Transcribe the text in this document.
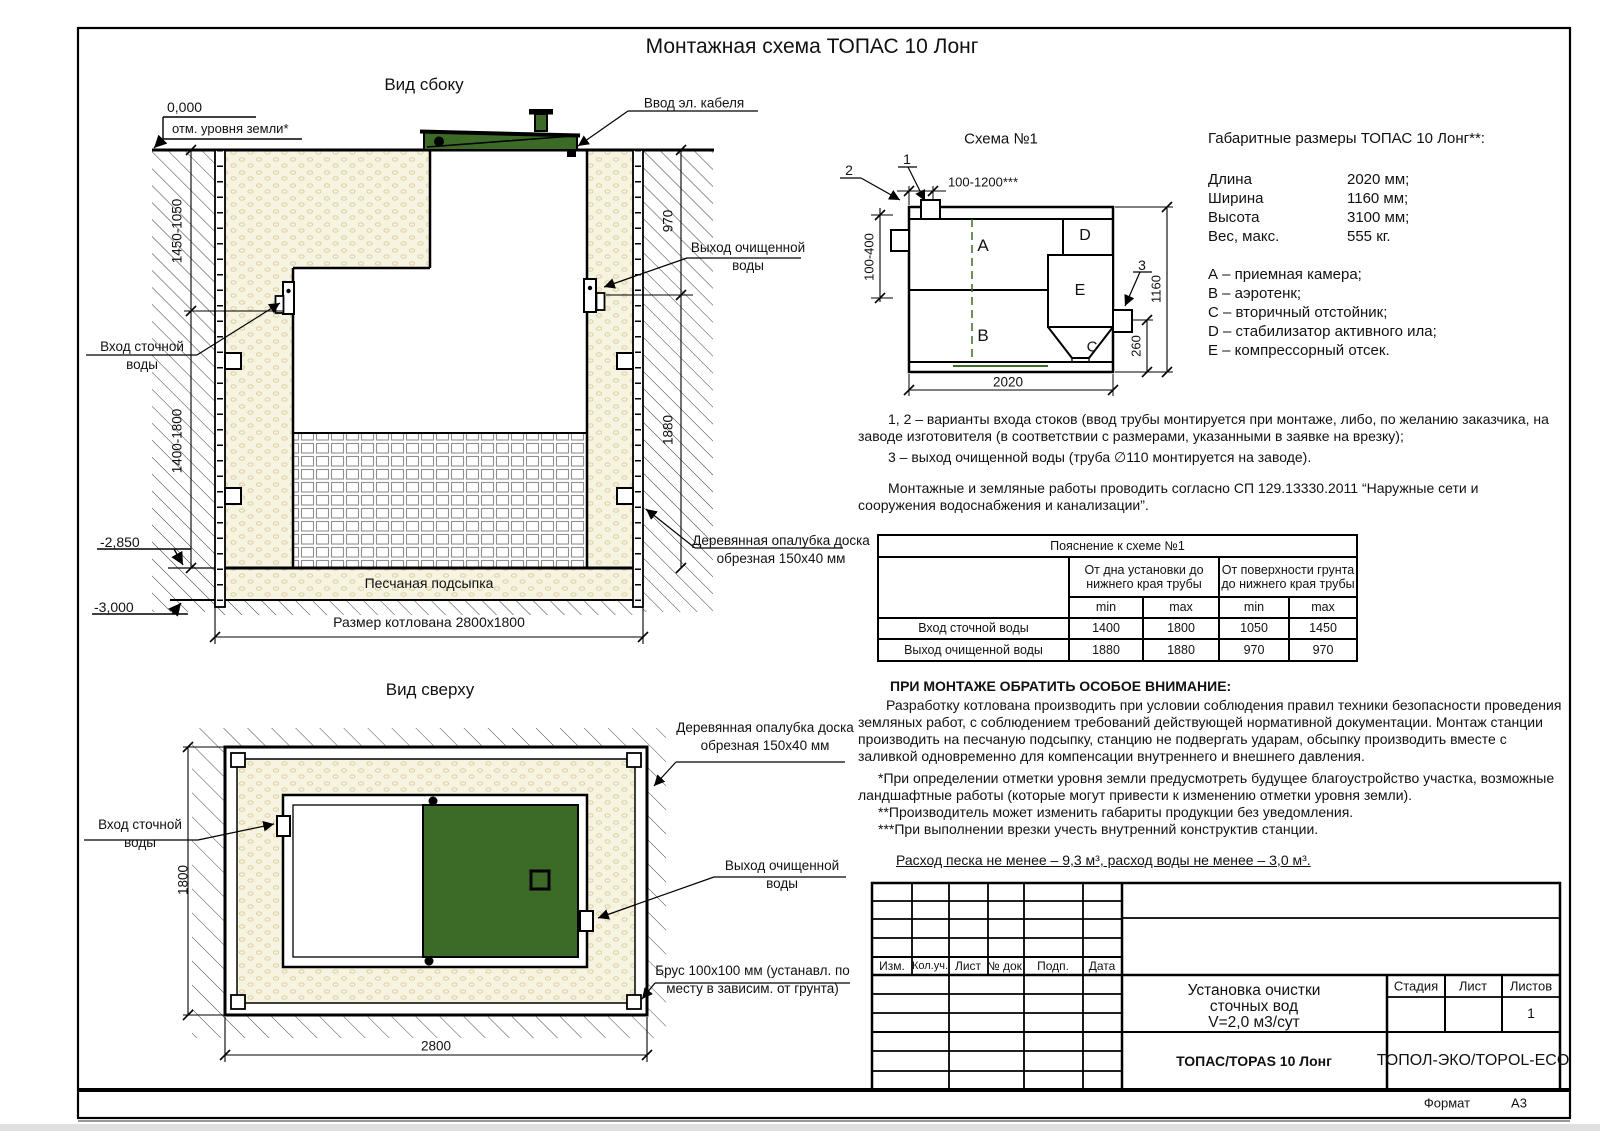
Монтажная схема ТОПАС 10 Лонг
Вид сбоку
0,000
отм. уровня земли*
Ввод эл. кабеля
Выход очищенной воды
Вход сточной воды
Деревянная опалубка доска обрезная 150х40 мм
Песчаная подсыпка
Размер котлована 2800х1800
-2,850
-3,000
1450-1050
1400-1800
970
1880
Вид сверху
Вход сточной воды
Деревянная опалубка доска обрезная 150х40 мм
Выход очищенной воды
Брус 100х100 мм (устанавл. по месту в зависим. от грунта)
1800
2800
Схема №1
1
2
3
100-1200***
100-400
1160
260
2020
A
B
C
D
E
Габаритные размеры ТОПАС 10 Лонг**:
Длина	2020 мм;
Ширина	1160 мм;
Высота	3100 мм;
Вес, макс.	555 кг.
А – приемная камера;
В – аэротенк;
С – вторичный отстойник;
D – стабилизатор активного ила;
Е – компрессорный отсек.
1, 2 – варианты входа стоков (ввод трубы монтируется при монтаже, либо, по желанию заказчика, на заводе изготовителя (в соответствии с размерами, указанными в заявке на врезку);
3 – выход очищенной воды (труба ∅110 монтируется на заводе).
Монтажные и земляные работы проводить согласно СП 129.13330.2011 “Наружные сети и сооружения водоснабжения и канализации”.
Пояснение к схеме №1				
	От дна установки до нижнего края трубы		От поверхности грунта до нижнего края трубы	
	min	max	min	max
Вход сточной воды	1400	1800	1050	1450
Выход очищенной воды	1880	1880	970	970
ПРИ МОНТАЖЕ ОБРАТИТЬ ОСОБОЕ ВНИМАНИЕ:
Разработку котлована производить при условии соблюдения правил техники безопасности проведения земляных работ, с соблюдением требований действующей нормативной документации. Монтаж станции производить на песчаную подсыпку, станцию не подвергать ударам, обсыпку производить вместе с заливкой одновременно для компенсации внутреннего и внешнего давления.
*При определении отметки уровня земли предусмотреть будущее благоустройство участка, возможные ландшафтные работы (которые могут привести к изменению отметки уровня земли).
**Производитель может изменить габариты продукции без уведомления.
***При выполнении врезки учесть внутренний конструктив станции.
Расход песка не менее – 9,3 м³, расход воды не менее – 3,0 м³.
Изм. Кол.уч. Лист № док. Подп. Дата
Установка очистки
сточных вод
V=2,0 м3/сут
Стадия Лист Листов
1
ТОПАС/TOPAS 10 Лонг	ТОПОЛ-ЭКО/TOPOL-ECO
Формат	А3
